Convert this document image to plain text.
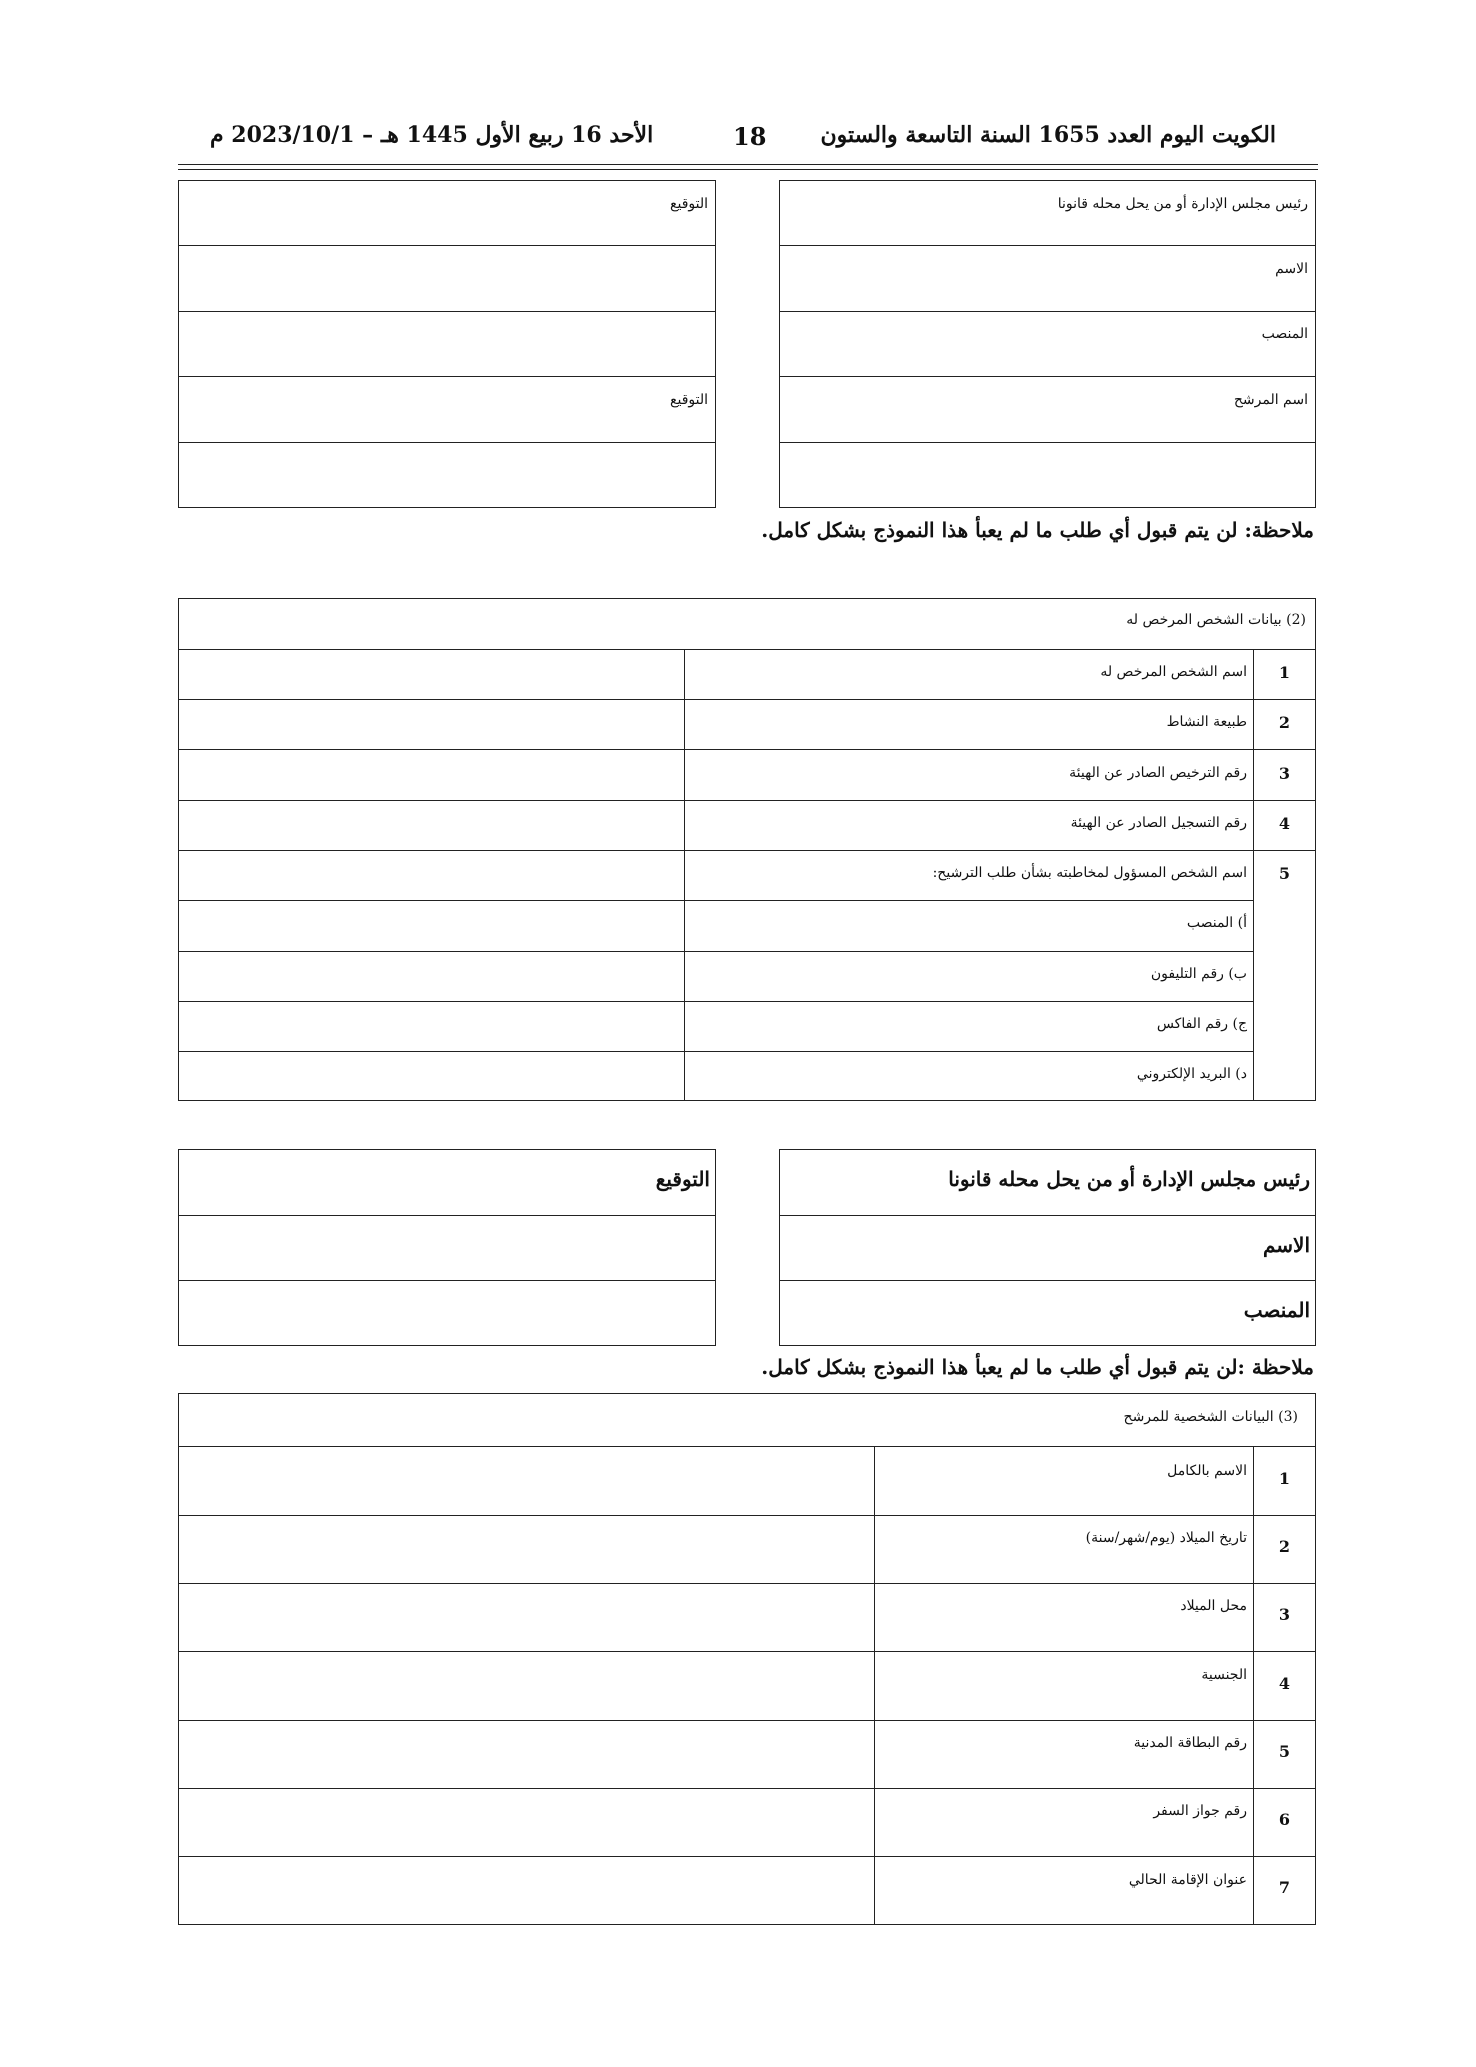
الكويت اليوم العدد 1655 السنة التاسعة والستون
18
الأحد 16 ربيع الأول 1445 هـ – 2023/10/1 م
رئيس مجلس الإدارة أو من يحل محله قانونا
الاسم
المنصب
اسم المرشح
التوقيع
التوقيع
ملاحظة: لن يتم قبول أي طلب ما لم يعبأ هذا النموذج بشكل كامل.
(2) بيانات الشخص المرخص له
1
اسم الشخص المرخص له
2
طبيعة النشاط
3
رقم الترخيص الصادر عن الهيئة
4
رقم التسجيل الصادر عن الهيئة
5
اسم الشخص المسؤول لمخاطبته بشأن طلب الترشيح:
أ) المنصب
ب) رقم التليفون
ج) رقم الفاكس
د) البريد الإلكتروني
رئيس مجلس الإدارة أو من يحل محله قانونا
الاسم
المنصب
التوقيع
ملاحظة :لن يتم قبول أي طلب ما لم يعبأ هذا النموذج بشكل كامل.
(3) البيانات الشخصية للمرشح
1
الاسم بالكامل
2
تاريخ الميلاد (يوم/شهر/سنة)
3
محل الميلاد
4
الجنسية
5
رقم البطاقة المدنية
6
رقم جواز السفر
7
عنوان الإقامة الحالي
